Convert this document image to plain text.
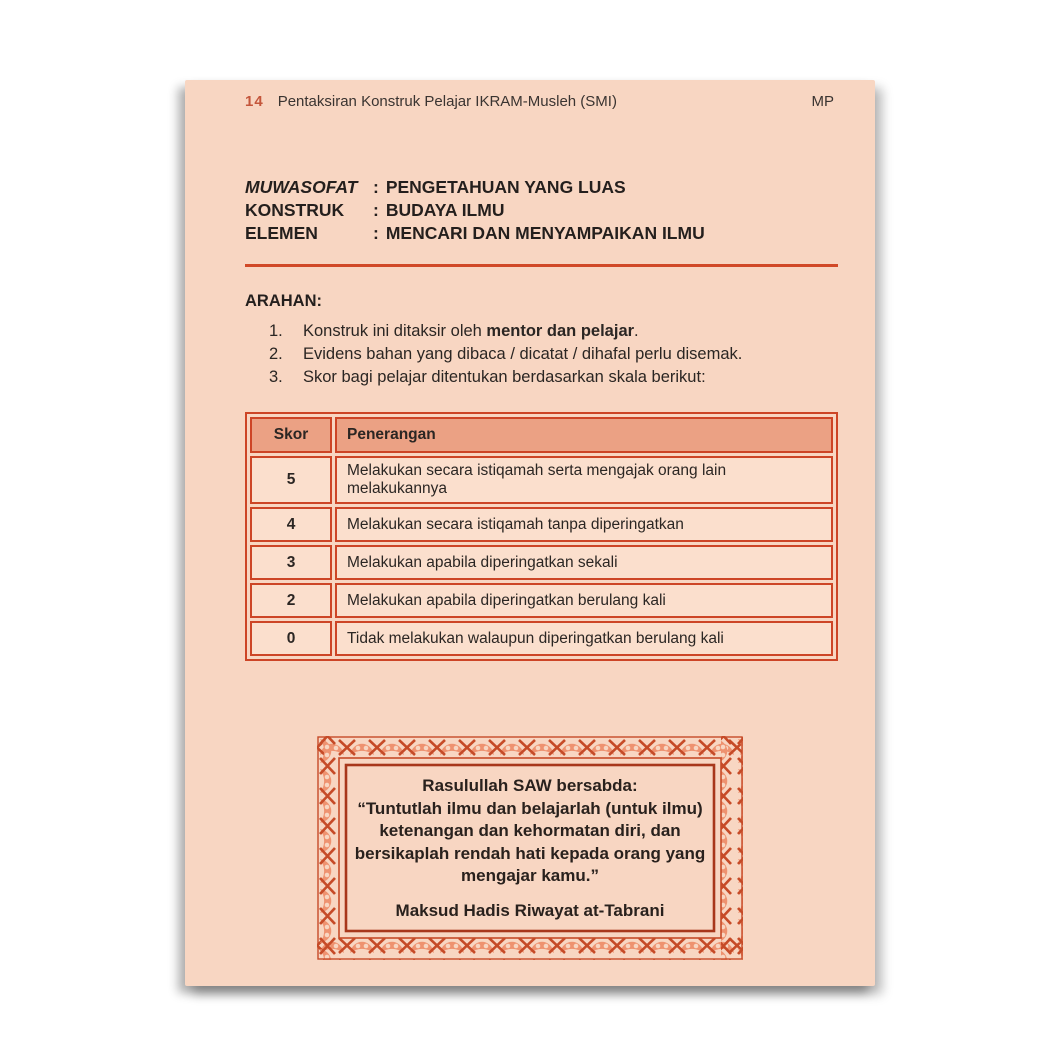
14 Pentaksiran Konstruk Pelajar IKRAM-Musleh (SMI)	MP
MUWASOFAT : PENGETAHUAN YANG LUAS
KONSTRUK	: BUDAYA ILMU
ELEMEN	: MENCARI DAN MENYAMPAIKAN ILMU
ARAHAN:
1.	Konstruk ini ditaksir oleh mentor dan pelajar.
2.	Evidens bahan yang dibaca / dicatat / dihafal perlu disemak.
3.	Skor bagi pelajar ditentukan berdasarkan skala berikut:
Skor	Penerangan
5	Melakukan secara istiqamah serta mengajak orang lain melakukannya
4	Melakukan secara istiqamah tanpa diperingatkan
3	Melakukan apabila diperingatkan sekali
2	Melakukan apabila diperingatkan berulang kali
0	Tidak melakukan walaupun diperingatkan berulang kali
Rasulullah SAW bersabda:
“Tuntutlah ilmu dan belajarlah (untuk ilmu) ketenangan dan kehormatan diri, dan bersikaplah rendah hati kepada orang yang mengajar kamu.”
Maksud Hadis Riwayat at-Tabrani
